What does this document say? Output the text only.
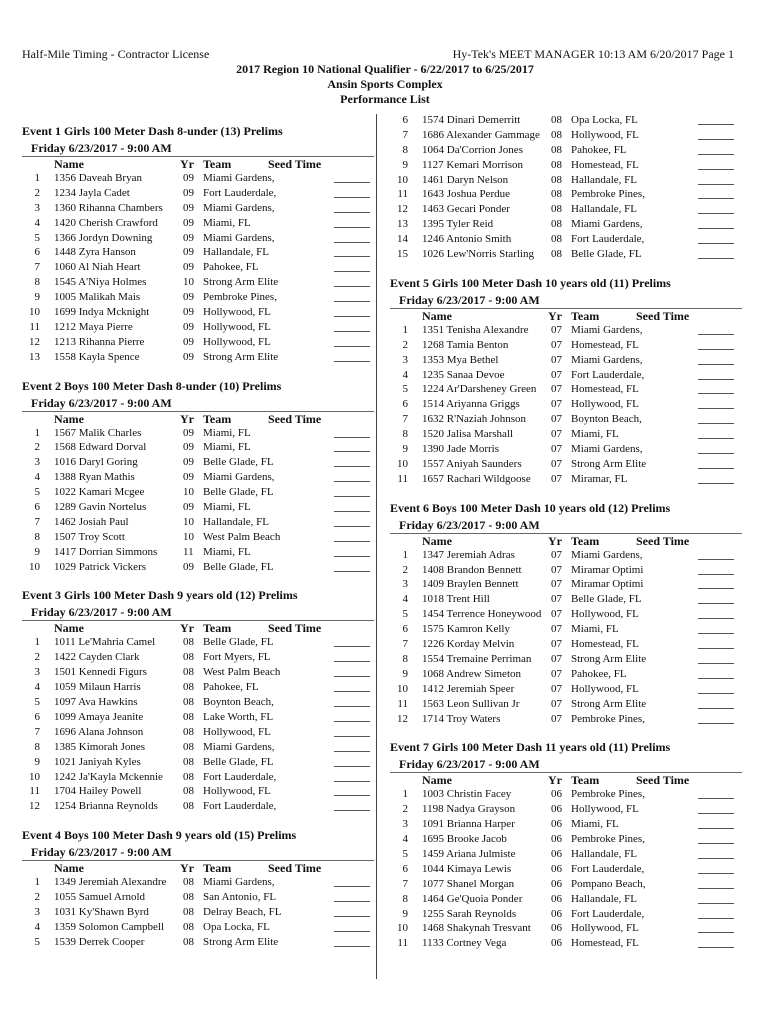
Half-Mile Timing - Contractor License	Hy-Tek's MEET MANAGER 10:13 AM 6/20/2017 Page 1
2017 Region 10 National Qualifier - 6/22/2017 to 6/25/2017
Ansin Sports Complex
Performance List
Event 1 Girls 100 Meter Dash 8-under (13) Prelims
Friday 6/23/2017 - 9:00 AM
Name	Yr Team	Seed Time
1 1356 Daveah Bryan	09 Miami Gardens,
2 1234 Jayla Cadet	09 Fort Lauderdale,
3 1360 Rihanna Chambers	09 Miami Gardens,
4 1420 Cherish Crawford	09 Miami, FL
5 1366 Jordyn Downing	09 Miami Gardens,
6 1448 Zyra Hanson	09 Hallandale, FL
7 1060 Al Niah Heart	09 Pahokee, FL
8 1545 A'Niya Holmes	10 Strong Arm Elite
9 1005 Malikah Mais	09 Pembroke Pines,
10 1699 Indya Mcknight	09 Hollywood, FL
11 1212 Maya Pierre	09 Hollywood, FL
12 1213 Rihanna Pierre	09 Hollywood, FL
13 1558 Kayla Spence	09 Strong Arm Elite
Event 2 Boys 100 Meter Dash 8-under (10) Prelims
Friday 6/23/2017 - 9:00 AM
Name	Yr Team	Seed Time
1 1567 Malik Charles	09 Miami, FL
2 1568 Edward Dorval	09 Miami, FL
3 1016 Daryl Goring	09 Belle Glade, FL
4 1388 Ryan Mathis	09 Miami Gardens,
5 1022 Kamari Mcgee	10 Belle Glade, FL
6 1289 Gavin Nortelus	09 Miami, FL
7 1462 Josiah Paul	10 Hallandale, FL
8 1507 Troy Scott	10 West Palm Beach
9 1417 Dorrian Simmons	11 Miami, FL
10 1029 Patrick Vickers	09 Belle Glade, FL
Event 3 Girls 100 Meter Dash 9 years old (12) Prelims
Friday 6/23/2017 - 9:00 AM
Name	Yr Team	Seed Time
1 1011 Le'Mahria Camel	08 Belle Glade, FL
2 1422 Cayden Clark	08 Fort Myers, FL
3 1501 Kennedi Figurs	08 West Palm Beach
4 1059 Milaun Harris	08 Pahokee, FL
5 1097 Ava Hawkins	08 Boynton Beach,
6 1099 Amaya Jeanite	08 Lake Worth, FL
7 1696 Alana Johnson	08 Hollywood, FL
8 1385 Kimorah Jones	08 Miami Gardens,
9 1021 Janiyah Kyles	08 Belle Glade, FL
10 1242 Ja'Kayla Mckennie	08 Fort Lauderdale,
11 1704 Hailey Powell	08 Hollywood, FL
12 1254 Brianna Reynolds	08 Fort Lauderdale,
Event 4 Boys 100 Meter Dash 9 years old (15) Prelims
Friday 6/23/2017 - 9:00 AM
Name	Yr Team	Seed Time
1 1349 Jeremiah Alexandre	08 Miami Gardens,
2 1055 Samuel Arnold	08 San Antonio, FL
3 1031 Ky'Shawn Byrd	08 Delray Beach, FL
4 1359 Solomon Campbell	08 Opa Locka, FL
5 1539 Derrek Cooper	08 Strong Arm Elite
6 1574 Dinari Demerritt	08 Opa Locka, FL
7 1686 Alexander Gammage	08 Hollywood, FL
8 1064 Da'Corrion Jones	08 Pahokee, FL
9 1127 Kemari Morrison	08 Homestead, FL
10 1461 Daryn Nelson	08 Hallandale, FL
11 1643 Joshua Perdue	08 Pembroke Pines,
12 1463 Gecari Ponder	08 Hallandale, FL
13 1395 Tyler Reid	08 Miami Gardens,
14 1246 Antonio Smith	08 Fort Lauderdale,
15 1026 Lew'Norris Starling	08 Belle Glade, FL
Event 5 Girls 100 Meter Dash 10 years old (11) Prelims
Friday 6/23/2017 - 9:00 AM
Name	Yr Team	Seed Time
1 1351 Tenisha Alexandre	07 Miami Gardens,
2 1268 Tamia Benton	07 Homestead, FL
3 1353 Mya Bethel	07 Miami Gardens,
4 1235 Sanaa Devoe	07 Fort Lauderdale,
5 1224 Ar'Darsheney Green	07 Homestead, FL
6 1514 Ariyanna Griggs	07 Hollywood, FL
7 1632 R'Naziah Johnson	07 Boynton Beach,
8 1520 Jalisa Marshall	07 Miami, FL
9 1390 Jade Morris	07 Miami Gardens,
10 1557 Aniyah Saunders	07 Strong Arm Elite
11 1657 Rachari Wildgoose	07 Miramar, FL
Event 6 Boys 100 Meter Dash 10 years old (12) Prelims
Friday 6/23/2017 - 9:00 AM
Name	Yr Team	Seed Time
1 1347 Jeremiah Adras	07 Miami Gardens,
2 1408 Brandon Bennett	07 Miramar Optimi
3 1409 Braylen Bennett	07 Miramar Optimi
4 1018 Trent Hill	07 Belle Glade, FL
5 1454 Terrence Honeywood 07 Hollywood, FL
6 1575 Kamron Kelly	07 Miami, FL
7 1226 Korday Melvin	07 Homestead, FL
8 1554 Tremaine Perriman	07 Strong Arm Elite
9 1068 Andrew Simeton	07 Pahokee, FL
10 1412 Jeremiah Speer	07 Hollywood, FL
11 1563 Leon Sullivan Jr	07 Strong Arm Elite
12 1714 Troy Waters	07 Pembroke Pines,
Event 7 Girls 100 Meter Dash 11 years old (11) Prelims
Friday 6/23/2017 - 9:00 AM
Name	Yr Team	Seed Time
1 1003 Christin Facey	06 Pembroke Pines,
2 1198 Nadya Grayson	06 Hollywood, FL
3 1091 Brianna Harper	06 Miami, FL
4 1695 Brooke Jacob	06 Pembroke Pines,
5 1459 Ariana Julmiste	06 Hallandale, FL
6 1044 Kimaya Lewis	06 Fort Lauderdale,
7 1077 Shanel Morgan	06 Pompano Beach,
8 1464 Ge'Quoia Ponder	06 Hallandale, FL
9 1255 Sarah Reynolds	06 Fort Lauderdale,
10 1468 Shakynah Tresvant	06 Hollywood, FL
11 1133 Cortney Vega	06 Homestead, FL
